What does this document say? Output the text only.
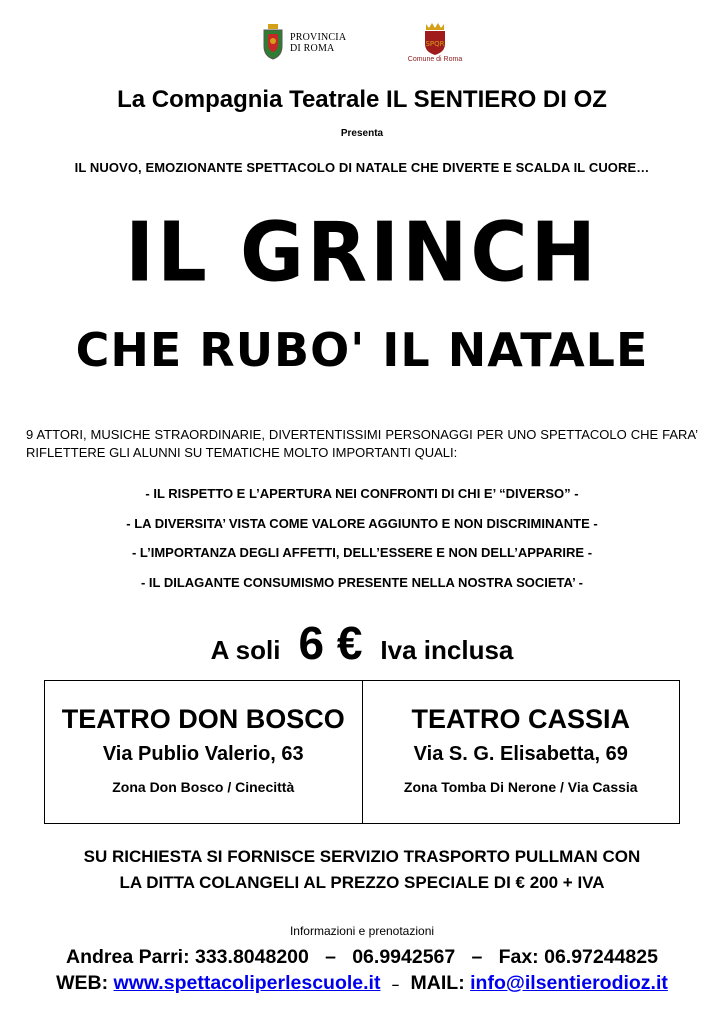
PROVINCIA
DI ROMA	SPQR
Comune di Roma
La Compagnia Teatrale IL SENTIERO DI OZ
Presenta
IL NUOVO, EMOZIONANTE SPETTACOLO DI NATALE CHE DIVERTE E SCALDA IL CUORE…
IL GRINCH
CHE RUBO' IL NATALE
9 ATTORI, MUSICHE STRAORDINARIE, DIVERTENTISSIMI PERSONAGGI PER UNO SPETTACOLO CHE FARA’ RIFLETTERE GLI ALUNNI SU TEMATICHE MOLTO IMPORTANTI QUALI:
- IL RISPETTO E L’APERTURA NEI CONFRONTI DI CHI E’ “DIVERSO” -
- LA DIVERSITA’ VISTA COME VALORE AGGIUNTO E NON DISCRIMINANTE -
- L’IMPORTANZA DEGLI AFFETTI, DELL’ESSERE E NON DELL’APPARIRE -
- IL DILAGANTE CONSUMISMO PRESENTE NELLA NOSTRA SOCIETA’ -
A soli 6 € Iva inclusa
TEATRO DON BOSCO
Via Publio Valerio, 63
Zona Don Bosco / Cinecittà
TEATRO CASSIA
Via S. G. Elisabetta, 69
Zona Tomba Di Nerone / Via Cassia
SU RICHIESTA SI FORNISCE SERVIZIO TRASPORTO PULLMAN CON
LA DITTA COLANGELI AL PREZZO SPECIALE DI € 200 + IVA
Informazioni e prenotazioni
Andrea Parri: 333.8048200   –   06.9942567   –   Fax: 06.97244825
WEB: www.spettacoliperlescuole.it – MAIL: info@ilsentierodioz.it
